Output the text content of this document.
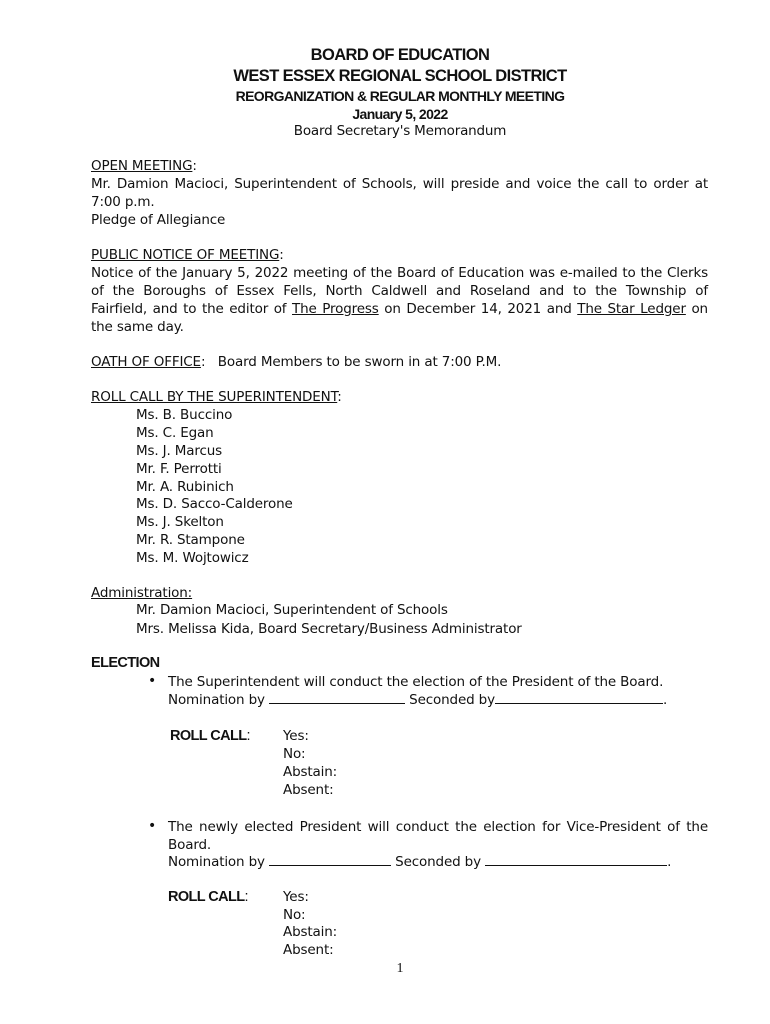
BOARD OF EDUCATION
WEST ESSEX REGIONAL SCHOOL DISTRICT
REORGANIZATION & REGULAR MONTHLY MEETING
January 5, 2022
Board Secretary's Memorandum
OPEN MEETING:
Mr. Damion Macioci, Superintendent of Schools, will preside and voice the call to order at
7:00 p.m.
Pledge of Allegiance
PUBLIC NOTICE OF MEETING:
Notice of the January 5, 2022 meeting of the Board of Education was e-mailed to the Clerks
of the Boroughs of Essex Fells, North Caldwell and Roseland and to the Township of
Fairfield, and to the editor of The Progress on December 14, 2021 and The Star Ledger on
the same day.
OATH OF OFFICE:   Board Members to be sworn in at 7:00 P.M.
ROLL CALL BY THE SUPERINTENDENT:
Ms. B. Buccino
Ms. C. Egan
Ms. J. Marcus
Mr. F. Perrotti
Mr. A. Rubinich
Ms. D. Sacco-Calderone
Ms. J. Skelton
Mr. R. Stampone
Ms. M. Wojtowicz
Administration:
Mr. Damion Macioci, Superintendent of Schools
Mrs. Melissa Kida, Board Secretary/Business Administrator
ELECTION
• The Superintendent will conduct the election of the President of the Board.
Nomination by	Seconded by	.
ROLL CALL: Yes:
No:
Abstain:
Absent:
• The newly elected President will conduct the election for Vice-President of the
Board.
Nomination by	Seconded by	.
ROLL CALL:	Yes:
No:
Abstain:
Absent:
1
